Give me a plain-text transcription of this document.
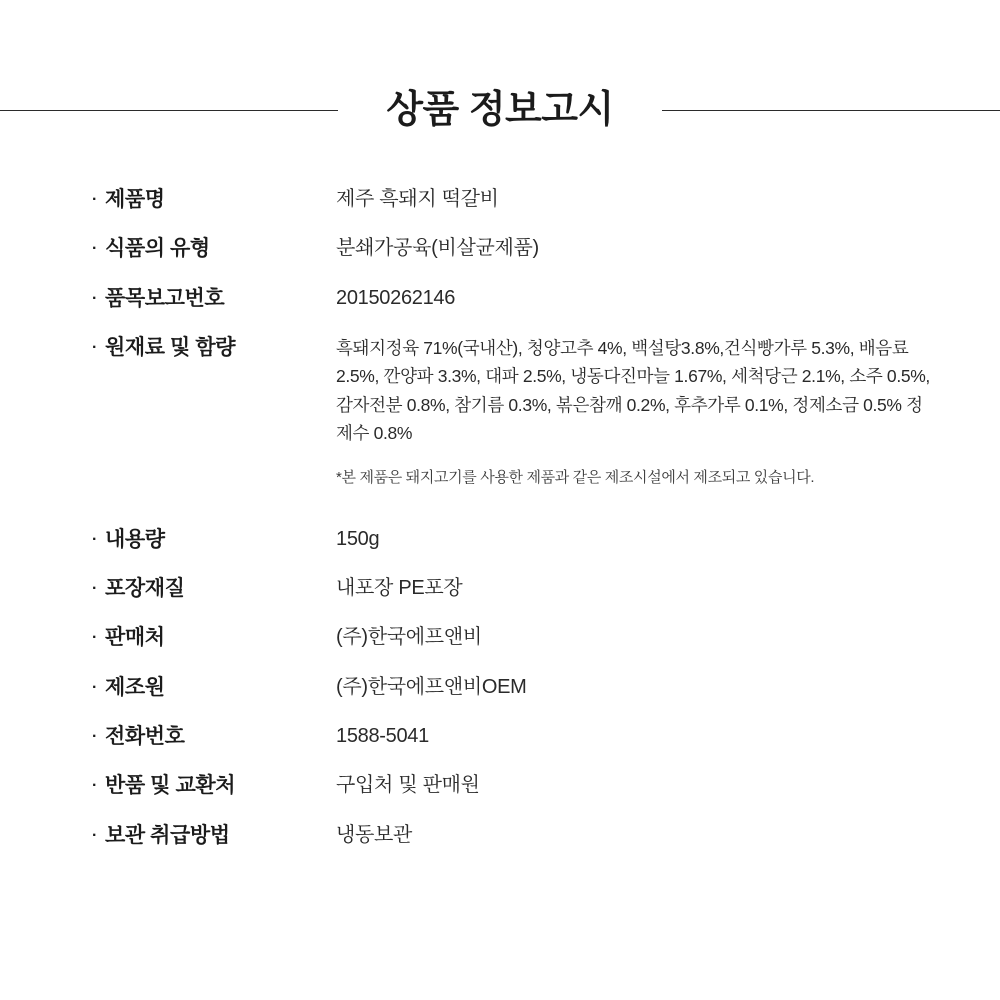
상품 정보고시
· 제품명	제주 흑돼지 떡갈비
· 식품의 유형	분쇄가공육(비살균제품)
· 품목보고번호	20150262146
· 원재료 및 함량	흑돼지정육 71%(국내산), 청양고추 4%, 백설탕3.8%,건식빵가루 5.3%, 배음료 2.5%, 깐양파 3.3%, 대파 2.5%, 냉동다진마늘 1.67%, 세척당근 2.1%, 소주 0.5%, 감자전분 0.8%, 참기름 0.3%, 볶은참깨 0.2%, 후추가루 0.1%, 정제소금 0.5% 정제수 0.8%
*본 제품은 돼지고기를 사용한 제품과 같은 제조시설에서 제조되고 있습니다.
· 내용량	150g
· 포장재질	내포장 PE포장
· 판매처	(주)한국에프앤비
· 제조원	(주)한국에프앤비OEM
· 전화번호	1588-5041
· 반품 및 교환처	구입처 및 판매원
· 보관 취급방법	냉동보관
